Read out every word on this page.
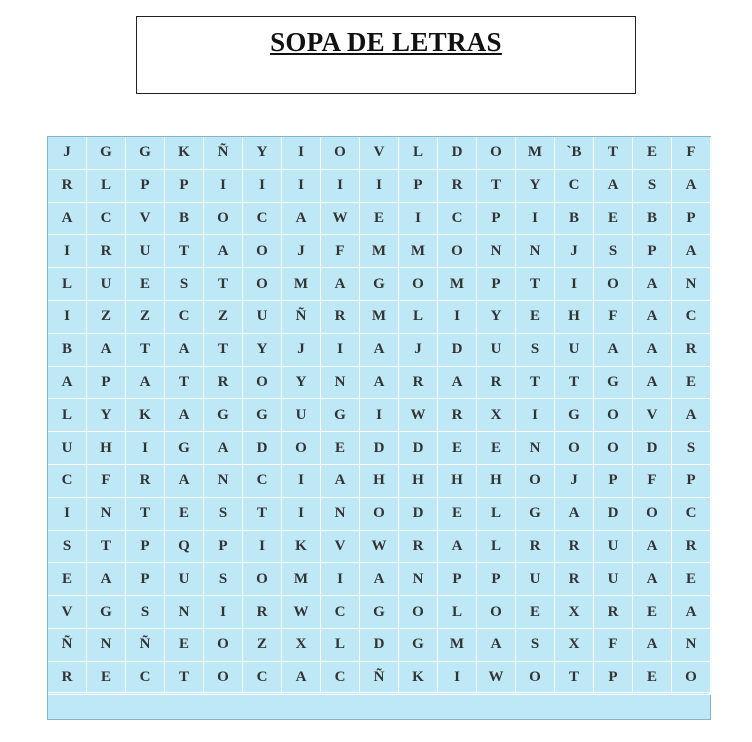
SOPA DE LETRAS
J	G	G	K	Ñ	Y	I	O	V	L	D	O	M	`B	T	E	F
R	L	P	P	I	I	I	I	I	P	R	T	Y	C	A	S	A
A	C	V	B	O	C	A	W	E	I	C	P	I	B	E	B	P
I	R	U	T	A	O	J	F	M	M	O	N	N	J	S	P	A
L	U	E	S	T	O	M	A	G	O	M	P	T	I	O	A	N
I	Z	Z	C	Z	U	Ñ	R	M	L	I	Y	E	H	F	A	C
B	A	T	A	T	Y	J	I	A	J	D	U	S	U	A	A	R
A	P	A	T	R	O	Y	N	A	R	A	R	T	T	G	A	E
L	Y	K	A	G	G	U	G	I	W	R	X	I	G	O	V	A
U	H	I	G	A	D	O	E	D	D	E	E	N	O	O	D	S
C	F	R	A	N	C	I	A	H	H	H	H	O	J	P	F	P
I	N	T	E	S	T	I	N	O	D	E	L	G	A	D	O	C
S	T	P	Q	P	I	K	V	W	R	A	L	R	R	U	A	R
E	A	P	U	S	O	M	I	A	N	P	P	U	R	U	A	E
V	G	S	N	I	R	W	C	G	O	L	O	E	X	R	E	A
Ñ	N	Ñ	E	O	Z	X	L	D	G	M	A	S	X	F	A	N
R	E	C	T	O	C	A	C	Ñ	K	I	W	O	T	P	E	O
